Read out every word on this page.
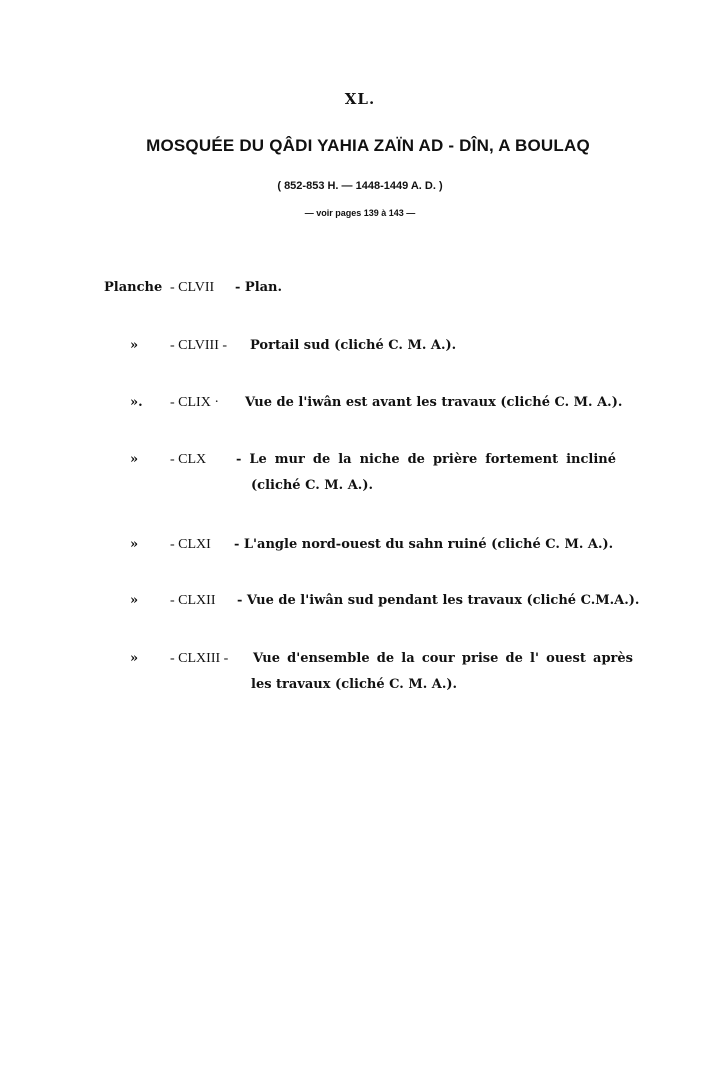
XL.
MOSQUÉE DU QÂDI YAHIA ZAÏN AD - DÎN, A BOULAQ
( 852-853 H. — 1448-1449 A. D. )
— voir pages 139 à 143 —
Planche - CLVII - Plan.
» - CLVIII - Portail sud (cliché C. M. A.).
». - CLIX · Vue de l'iwân est avant les travaux (cliché C. M. A.).
» - CLX - Le mur de la niche de prière fortement incliné
(cliché C. M. A.).
» - CLXI - L'angle nord-ouest du sahn ruiné (cliché C. M. A.).
» - CLXII - Vue de l'iwân sud pendant les travaux (cliché C.M.A.).
» - CLXIII - Vue d'ensemble de la cour prise de l' ouest après
les travaux (cliché C. M. A.).
